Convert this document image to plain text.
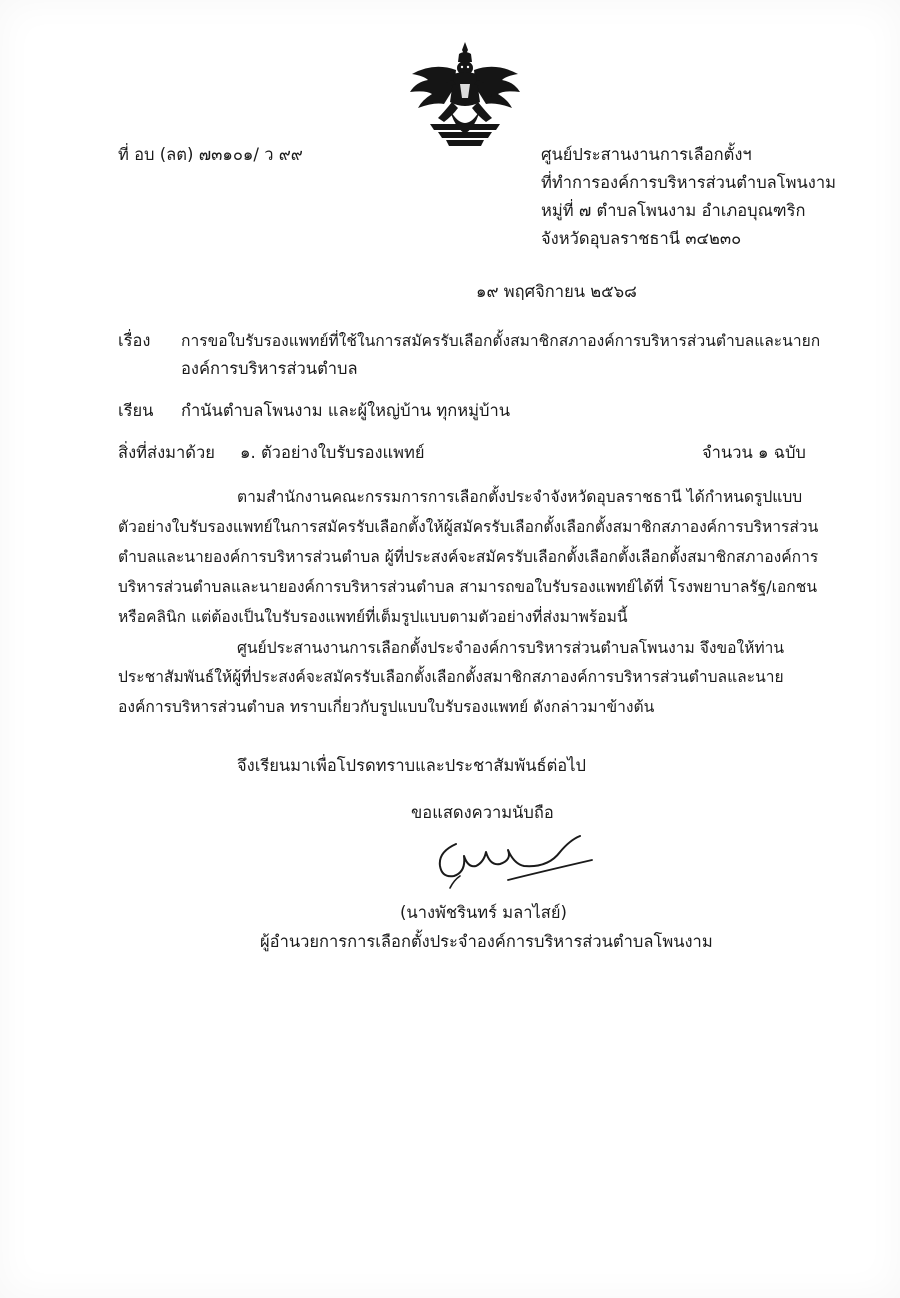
ที่ อบ (ลต) ๗๓๑๐๑/ ว ๙๙	ศูนย์ประสานงานการเลือกตั้งฯ
ที่ทำการองค์การบริหารส่วนตำบลโพนงาม
หมู่ที่ ๗ ตำบลโพนงาม อำเภอบุณฑริก
จังหวัดอุบลราชธานี ๓๔๒๓๐
๑๙ พฤศจิกายน ๒๕๖๘
เรื่อง การขอใบรับรองแพทย์ที่ใช้ในการสมัครรับเลือกตั้งสมาชิกสภาองค์การบริหารส่วนตำบลและนายก
องค์การบริหารส่วนตำบล
เรียน กำนันตำบลโพนงาม และผู้ใหญ่บ้าน ทุกหมู่บ้าน
สิ่งที่ส่งมาด้วย ๑. ตัวอย่างใบรับรองแพทย์	จำนวน ๑ ฉบับ
ตามสำนักงานคณะกรรมการการเลือกตั้งประจำจังหวัดอุบลราชธานี ได้กำหนดรูปแบบ
ตัวอย่างใบรับรองแพทย์ในการสมัครรับเลือกตั้งให้ผู้สมัครรับเลือกตั้งเลือกตั้งสมาชิกสภาองค์การบริหารส่วน
ตำบลและนายองค์การบริหารส่วนตำบล ผู้ที่ประสงค์จะสมัครรับเลือกตั้งเลือกตั้งเลือกตั้งสมาชิกสภาองค์การ
บริหารส่วนตำบลและนายองค์การบริหารส่วนตำบล สามารถขอใบรับรองแพทย์ได้ที่ โรงพยาบาลรัฐ/เอกชน
หรือคลินิก แต่ต้องเป็นใบรับรองแพทย์ที่เต็มรูปแบบตามตัวอย่างที่ส่งมาพร้อมนี้
ศูนย์ประสานงานการเลือกตั้งประจำองค์การบริหารส่วนตำบลโพนงาม จึงขอให้ท่าน
ประชาสัมพันธ์ให้ผู้ที่ประสงค์จะสมัครรับเลือกตั้งเลือกตั้งสมาชิกสภาองค์การบริหารส่วนตำบลและนาย
องค์การบริหารส่วนตำบล ทราบเกี่ยวกับรูปแบบใบรับรองแพทย์ ดังกล่าวมาข้างต้น
จึงเรียนมาเพื่อโปรดทราบและประชาสัมพันธ์ต่อไป
ขอแสดงความนับถือ
(นางพัชรินทร์ มลาไสย์)
ผู้อำนวยการการเลือกตั้งประจำองค์การบริหารส่วนตำบลโพนงาม
